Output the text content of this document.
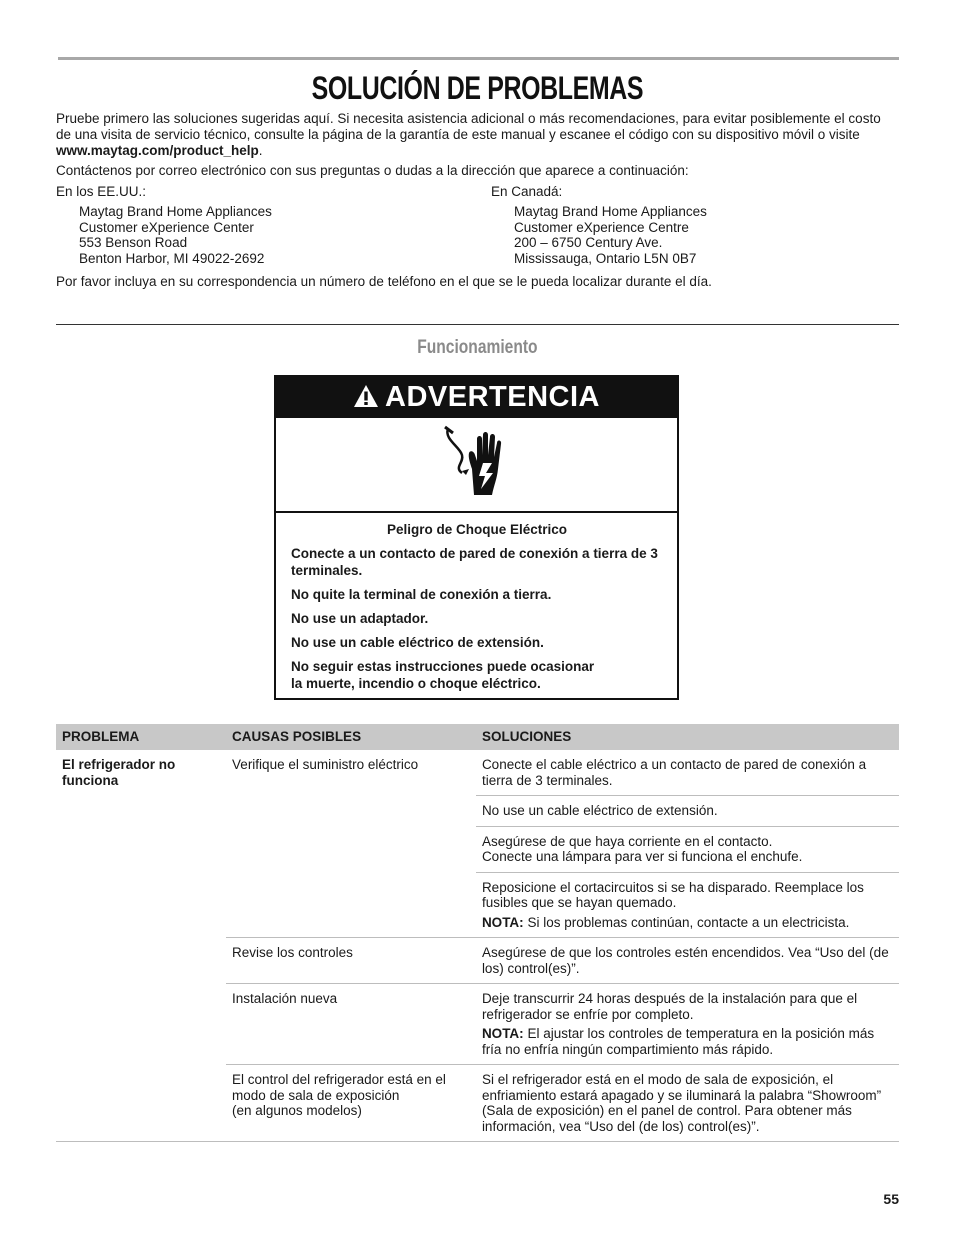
SOLUCIÓN DE PROBLEMAS

Pruebe primero las soluciones sugeridas aquí. Si necesita asistencia adicional o más recomendaciones, para evitar posiblemente el costo de una visita de servicio técnico, consulte la página de la garantía de este manual y escanee el código con su dispositivo móvil o visite www.maytag.com/product_help.

Contáctenos por correo electrónico con sus preguntas o dudas a la dirección que aparece a continuación:

En los EE.UU.:	En Canadá:

Maytag Brand Home Appliances
Customer eXperience Center
553 Benson Road
Benton Harbor, MI 49022-2692
Maytag Brand Home Appliances
Customer eXperience Centre
200 – 6750 Century Ave.
Mississauga, Ontario L5N 0B7

Por favor incluya en su correspondencia un número de teléfono en el que se le pueda localizar durante el día.

Funcionamiento
ADVERTENCIA

Peligro de Choque Eléctrico

Conecte a un contacto de pared de conexión a tierra de 3 terminales.

No quite la terminal de conexión a tierra.

No use un adaptador.

No use un cable eléctrico de extensión.

No seguir estas instrucciones puede ocasionar
la muerte, incendio o choque eléctrico.

PROBLEMA	CAUSAS POSIBLES	SOLUCIONES
El refrigerador no funciona	Verifique el suministro eléctrico	Conecte el cable eléctrico a un contacto de pared de conexión a tierra de 3 terminales.

		No use un cable eléctrico de extensión.

		Asegúrese de que haya corriente en el contacto.
Conecte una lámpara para ver si funciona el enchufe.

		Reposicione el cortacircuitos si se ha disparado. Reemplace los fusibles que se hayan quemado.

NOTA: Si los problemas continúan, contacte a un electricista.

	Revise los controles	Asegúrese de que los controles estén encendidos. Vea “Uso del (de los) control(es)”.

	Instalación nueva	Deje transcurrir 24 horas después de la instalación para que el refrigerador se enfríe por completo.

NOTA: El ajustar los controles de temperatura en la posición más fría no enfría ningún compartimiento más rápido.

	El control del refrigerador está en el modo de sala de exposición
(en algunos modelos)	Si el refrigerador está en el modo de sala de exposición, el enfriamiento estará apagado y se iluminará la palabra “Showroom” (Sala de exposición) en el panel de control. Para obtener más información, vea “Uso del (de los) control(es)”.

55
